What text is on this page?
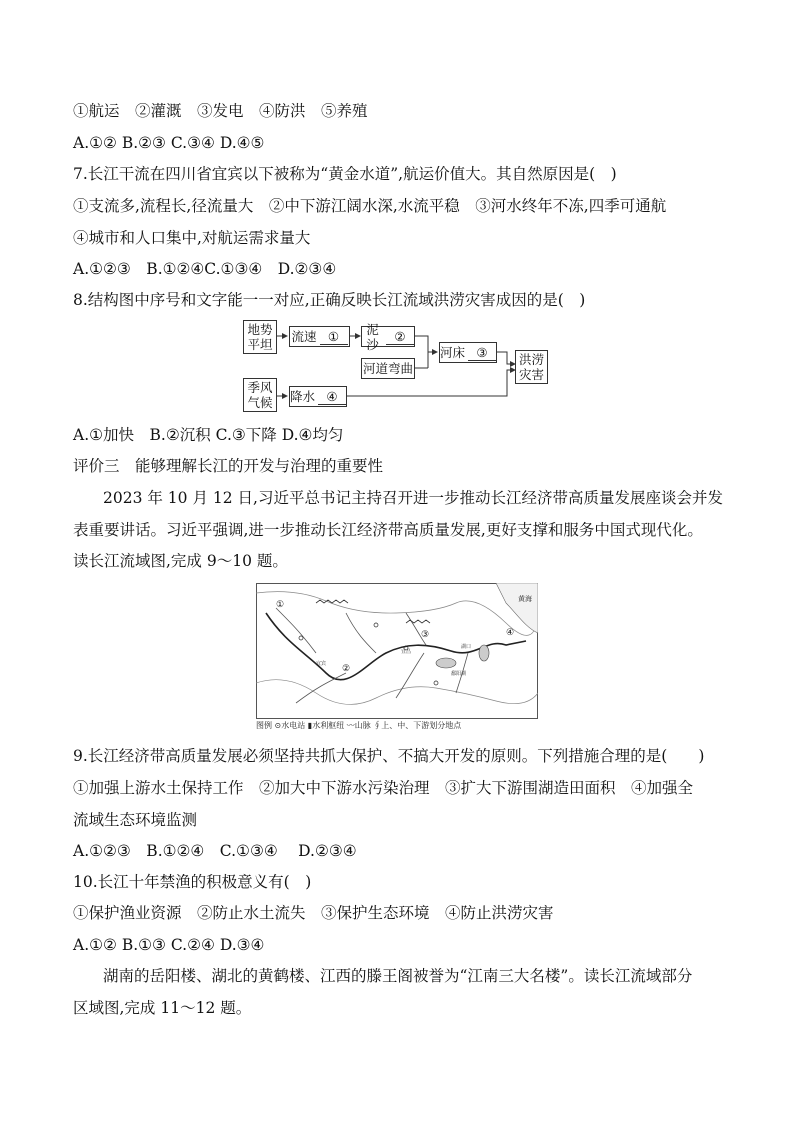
①航运　②灌溉　③发电　④防洪　⑤养殖
A.①② B.②③ C.③④ D.④⑤
7.长江干流在四川省宜宾以下被称为“黄金水道”,航运价值大。其自然原因是(　)
①支流多,流程长,径流量大　②中下游江阔水深,水流平稳　③河水终年不冻,四季可通航
④城市和人口集中,对航运需求量大
A.①②③　B.①②④C.①③④　D.②③④
8.结构图中序号和文字能一一对应,正确反映长江流域洪涝灾害成因的是(　)
地势平坦
流速 ①	泥沙
②
河道弯曲
河床 ③	洪涝灾害
季风气候 降水 ④
A.①加快　B.②沉积 C.③下降 D.④均匀
评价三　能够理解长江的开发与治理的重要性
2023 年 10 月 12 日,习近平总书记主持召开进一步推动长江经济带高质量发展座谈会并发
表重要讲话。习近平强调,进一步推动长江经济带高质量发展,更好支撑和服务中国式现代化。
读长江流域图,完成 9～10 题。
黄海
①
②
③	④
宜宾
宜昌
湖口
鄱阳湖
图例 ⊙水电站 ▮水利枢纽 〰山脉 ∮上、中、下游划分地点
9.长江经济带高质量发展必须坚持共抓大保护、不搞大开发的原则。下列措施合理的是(　　)
①加强上游水土保持工作　②加大中下游水污染治理　③扩大下游围湖造田面积　④加强全
流域生态环境监测
A.①②③　B.①②④　C.①③④　 D.②③④
10.长江十年禁渔的积极意义有(　)
①保护渔业资源　②防止水土流失　③保护生态环境　④防止洪涝灾害
A.①② B.①③ C.②④ D.③④
湖南的岳阳楼、湖北的黄鹤楼、江西的滕王阁被誉为“江南三大名楼”。读长江流域部分
区域图,完成 11～12 题。
